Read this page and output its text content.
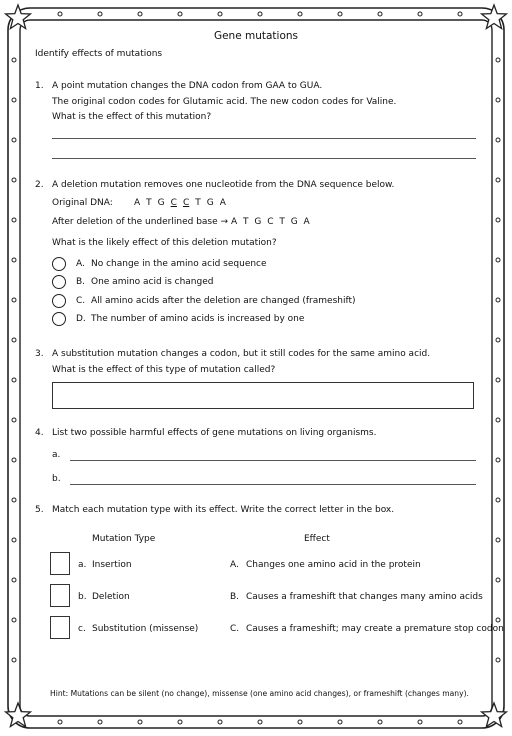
Gene mutations
Identify effects of mutations
1. A point mutation changes the DNA codon from GAA to GUA.
The original codon codes for Glutamic acid. The new codon codes for Valine.
What is the effect of this mutation?
2. A deletion mutation removes one nucleotide from the DNA sequence below.
Original DNA: A T G C C T G A
After deletion of the underlined base → A T G C T G A
What is the likely effect of this deletion mutation?
A. No change in the amino acid sequence
B. One amino acid is changed
C. All amino acids after the deletion are changed (frameshift)
D. The number of amino acids is increased by one
3. A substitution mutation changes a codon, but it still codes for the same amino acid.
What is the effect of this type of mutation called?
4. List two possible harmful effects of gene mutations on living organisms.
a.
b.
5. Match each mutation type with its effect. Write the correct letter in the box.
Mutation Type	Effect
a. Insertion	A. Changes one amino acid in the protein
b. Deletion	B. Causes a frameshift that changes many amino acids
c. Substitution (missense)	C. Causes a frameshift; may create a premature stop codon
Hint: Mutations can be silent (no change), missense (one amino acid changes), or frameshift (changes many).
